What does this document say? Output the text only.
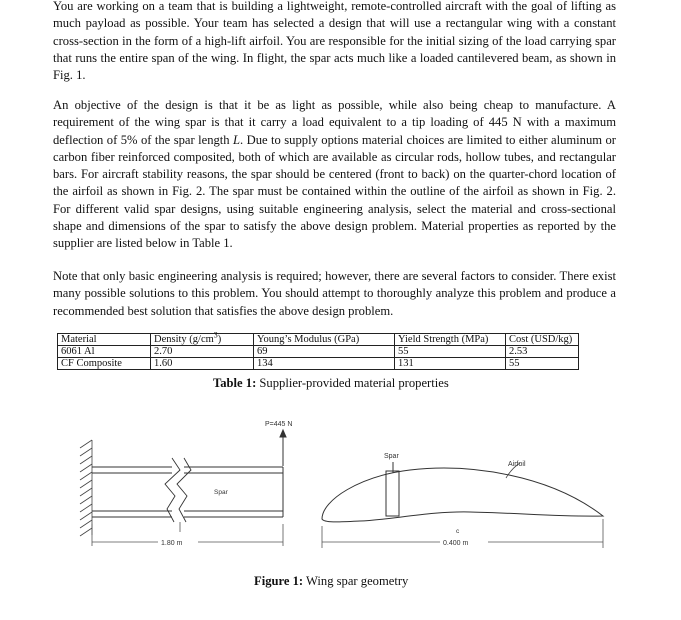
You are working on a team that is building a lightweight, remote-controlled aircraft with the goal of lifting as much payload as possible. Your team has selected a design that will use a rectangular wing with a constant cross-section in the form of a high-lift airfoil. You are responsible for the initial sizing of the load carrying spar that runs the entire span of the wing. In flight, the spar acts much like a loaded cantilevered beam, as shown in Fig. 1.
An objective of the design is that it be as light as possible, while also being cheap to manufacture. A requirement of the wing spar is that it carry a load equivalent to a tip loading of 445 N with a maximum deflection of 5% of the spar length L. Due to supply options material choices are limited to either aluminum or carbon fiber reinforced composited, both of which are available as circular rods, hollow tubes, and rectangular bars. For aircraft stability reasons, the spar should be centered (front to back) on the quarter-chord location of the airfoil as shown in Fig. 2. The spar must be contained within the outline of the airfoil as shown in Fig. 2. For different valid spar designs, using suitable engineering analysis, select the material and cross-sectional shape and dimensions of the spar to satisfy the above design problem. Material properties as reported by the supplier are listed below in Table 1.
Note that only basic engineering analysis is required; however, there are several factors to consider. There exist many possible solutions to this problem. You should attempt to thoroughly analyze this problem and produce a recommended best solution that satisfies the above design problem.
Material	Density $(g/cm^3)$	Young’s Modulus (GPa)	Yield Strength (MPa)	Cost (USD/kg)
6061 Al	2.70	69	55	2.53
CF Composite	1.60	134	131	55
Table 1: Supplier-provided material properties
P=445 N
Spar
1.80 m
Spar
Airfoil
c
0.400 m
Figure 1: Wing spar geometry
